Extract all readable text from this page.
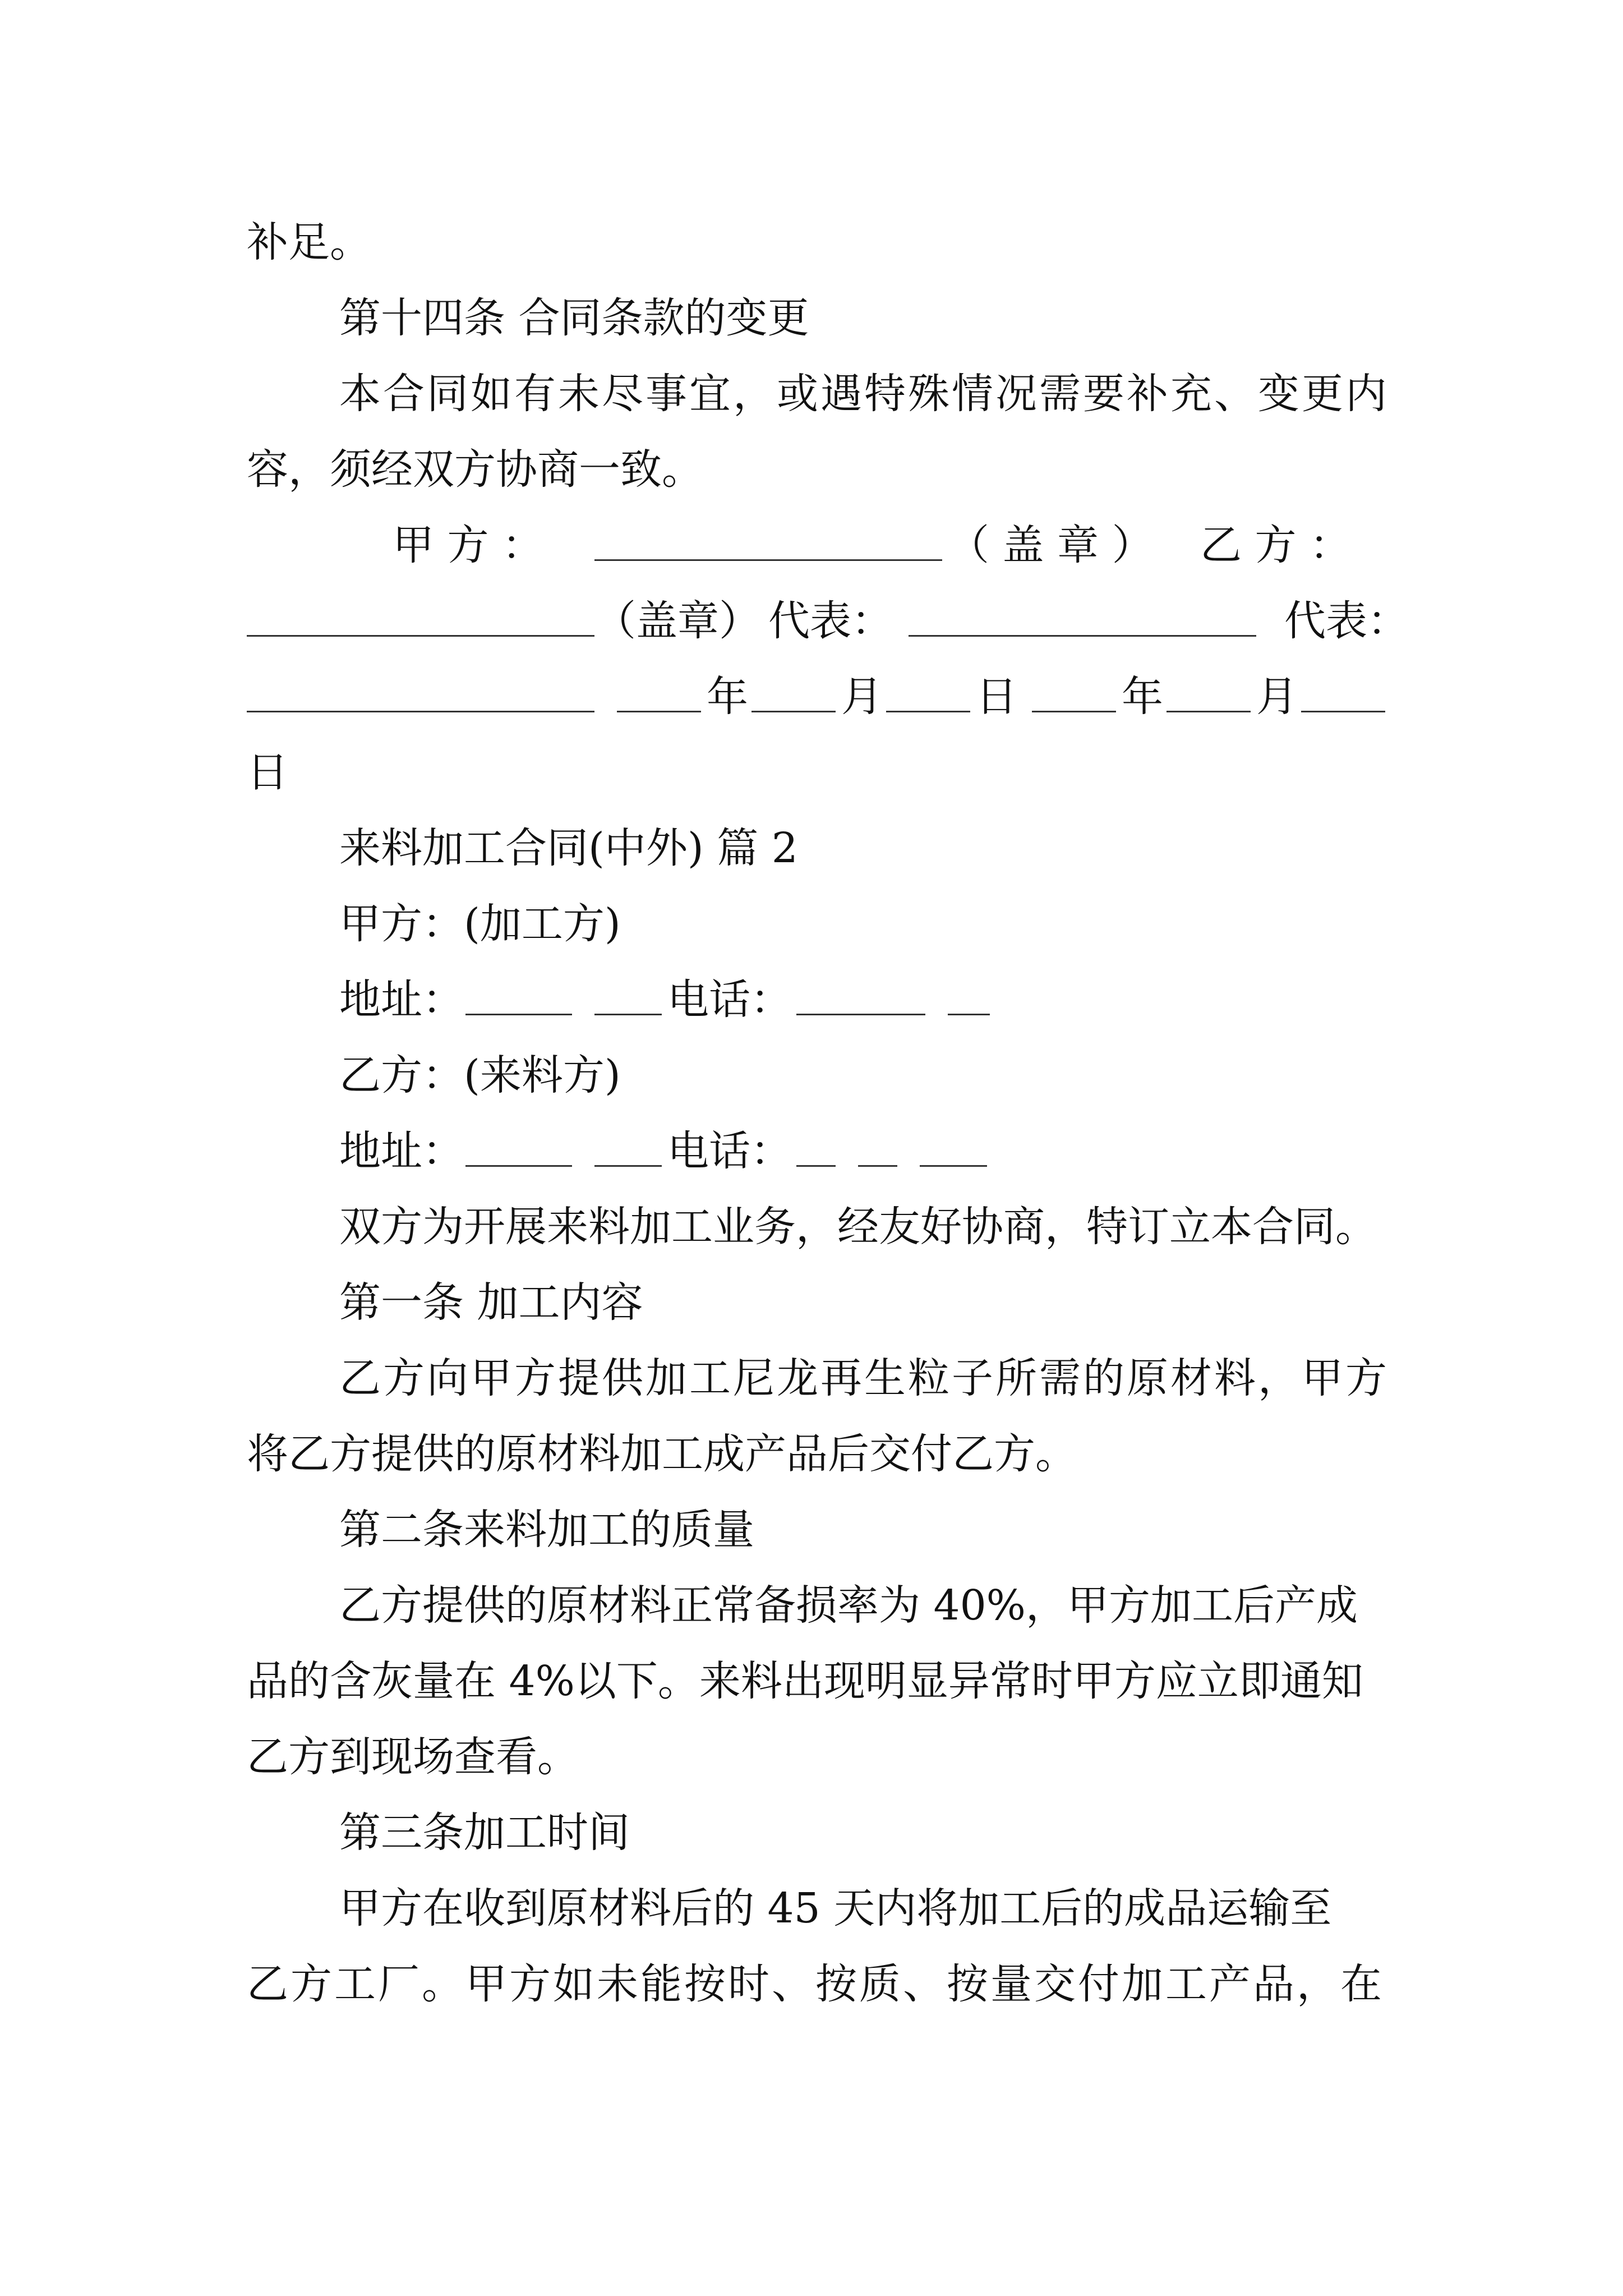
补足。
第十四条 合同条款的变更
本合同如有未尽事宜，或遇特殊情况需要补充、变更内
容，须经双方协商一致。
甲 方 ：	（ 盖 章 ） 乙 方 ：
（盖章） 代表：	代表：
年 月 日	年 月
日
来料加工合同(中外) 篇 2
甲方：(加工方)
地址：	电话：
乙方：(来料方)
地址：	电话：
双方为开展来料加工业务，经友好协商，特订立本合同。
第一条 加工内容
乙方向甲方提供加工尼龙再生粒子所需的原材料，甲方
将乙方提供的原材料加工成产品后交付乙方。
第二条来料加工的质量
乙方提供的原材料正常备损率为 40%，甲方加工后产成
品的含灰量在 4%以下。来料出现明显异常时甲方应立即通知
乙方到现场查看。
第三条加工时间
甲方在收到原材料后的 45 天内将加工后的成品运输至
乙方工厂。甲方如未能按时、按质、按量交付加工产品，在
